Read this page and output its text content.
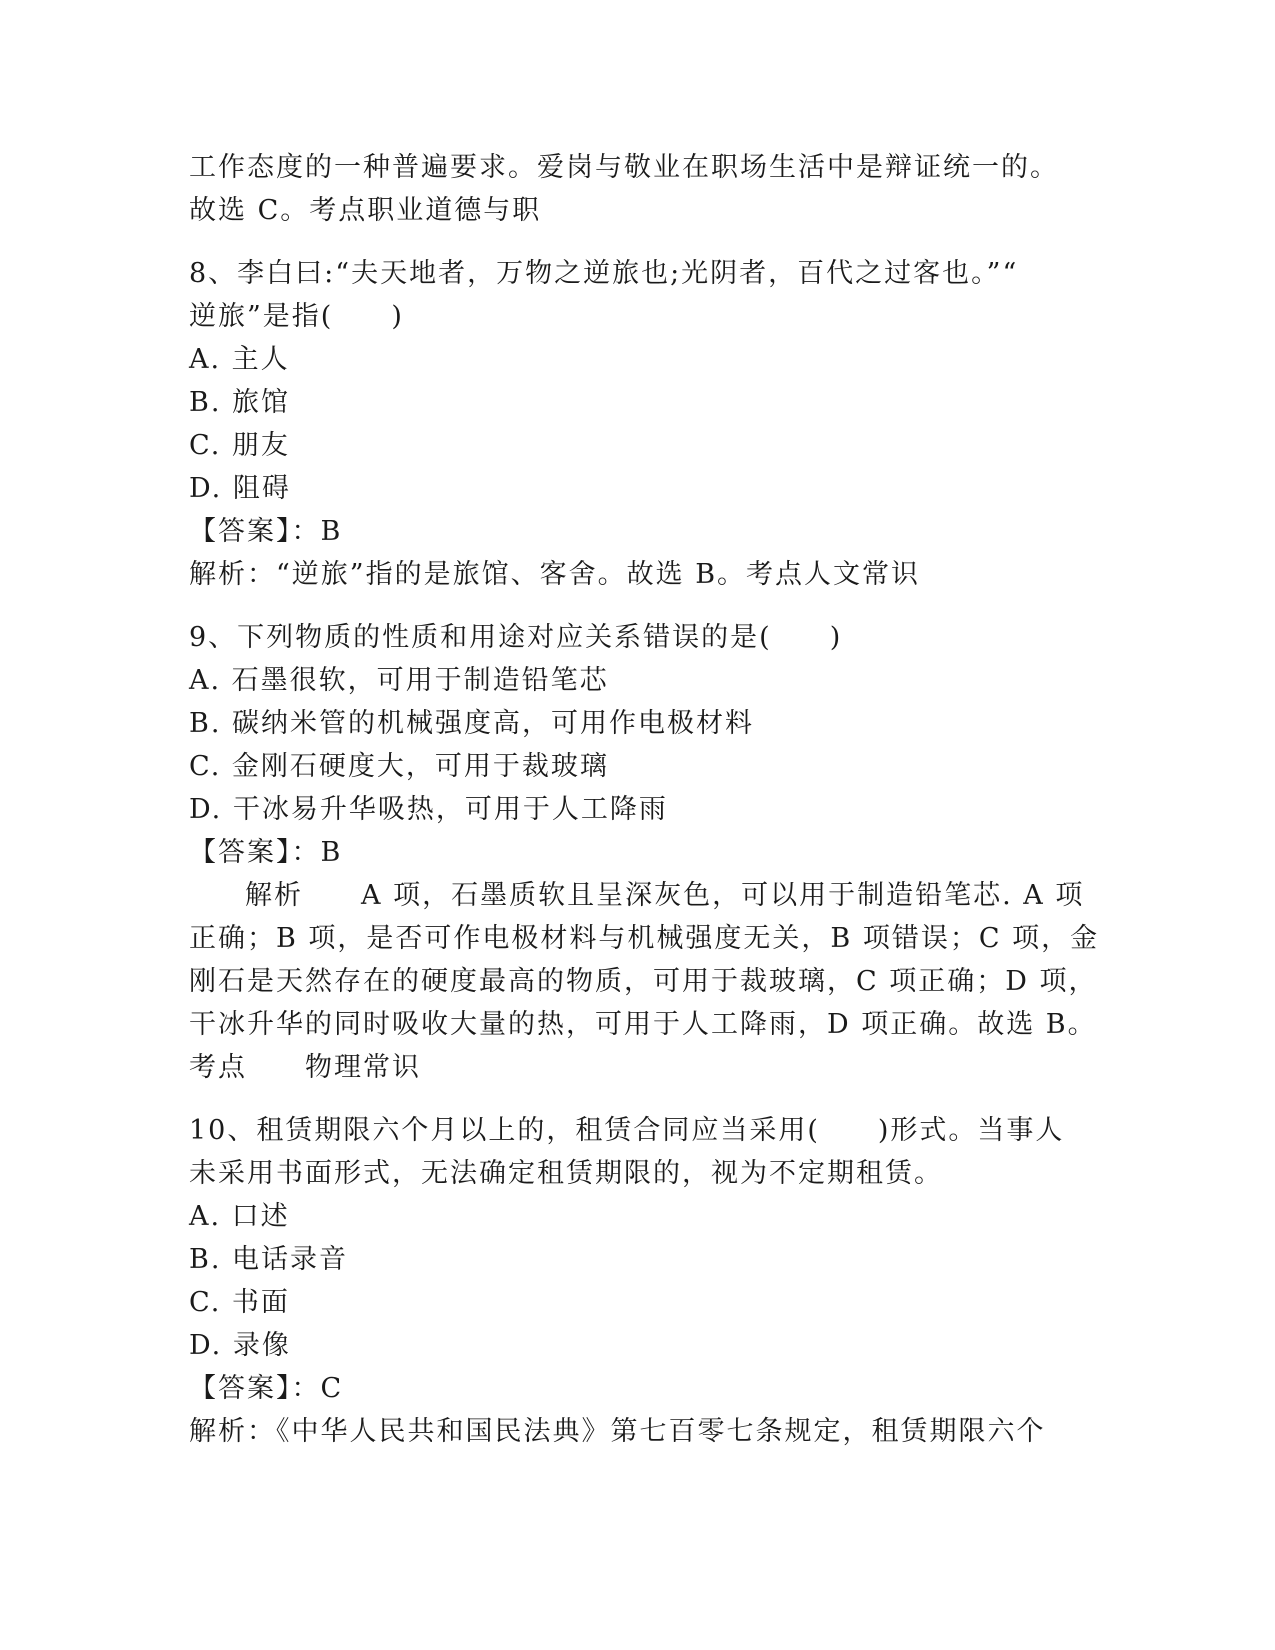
工作态度的一种普遍要求。爱岗与敬业在职场生活中是辩证统一的。
故选 C。考点职业道德与职
8、李白曰:“夫天地者，万物之逆旅也;光阴者，百代之过客也。”“
逆旅”是指(　　)
A. 主人
B. 旅馆
C. 朋友
D. 阻碍
【答案】：B
解析：“逆旅”指的是旅馆、客舍。故选 B。考点人文常识
9、下列物质的性质和用途对应关系错误的是(　　)
A. 石墨很软，可用于制造铅笔芯
B. 碳纳米管的机械强度高，可用作电极材料
C. 金刚石硬度大，可用于裁玻璃
D. 干冰易升华吸热，可用于人工降雨
【答案】：B
解析　　A 项，石墨质软且呈深灰色，可以用于制造铅笔芯. A 项
正确；B 项，是否可作电极材料与机械强度无关，B 项错误；C 项，金
刚石是天然存在的硬度最高的物质，可用于裁玻璃，C 项正确；D 项，
干冰升华的同时吸收大量的热，可用于人工降雨，D 项正确。故选 B。
考点　　物理常识
10、租赁期限六个月以上的，租赁合同应当采用(　　)形式。当事人
未采用书面形式，无法确定租赁期限的，视为不定期租赁。
A. 口述
B. 电话录音
C. 书面
D. 录像
【答案】：C
解析：《中华人民共和国民法典》第七百零七条规定，租赁期限六个
